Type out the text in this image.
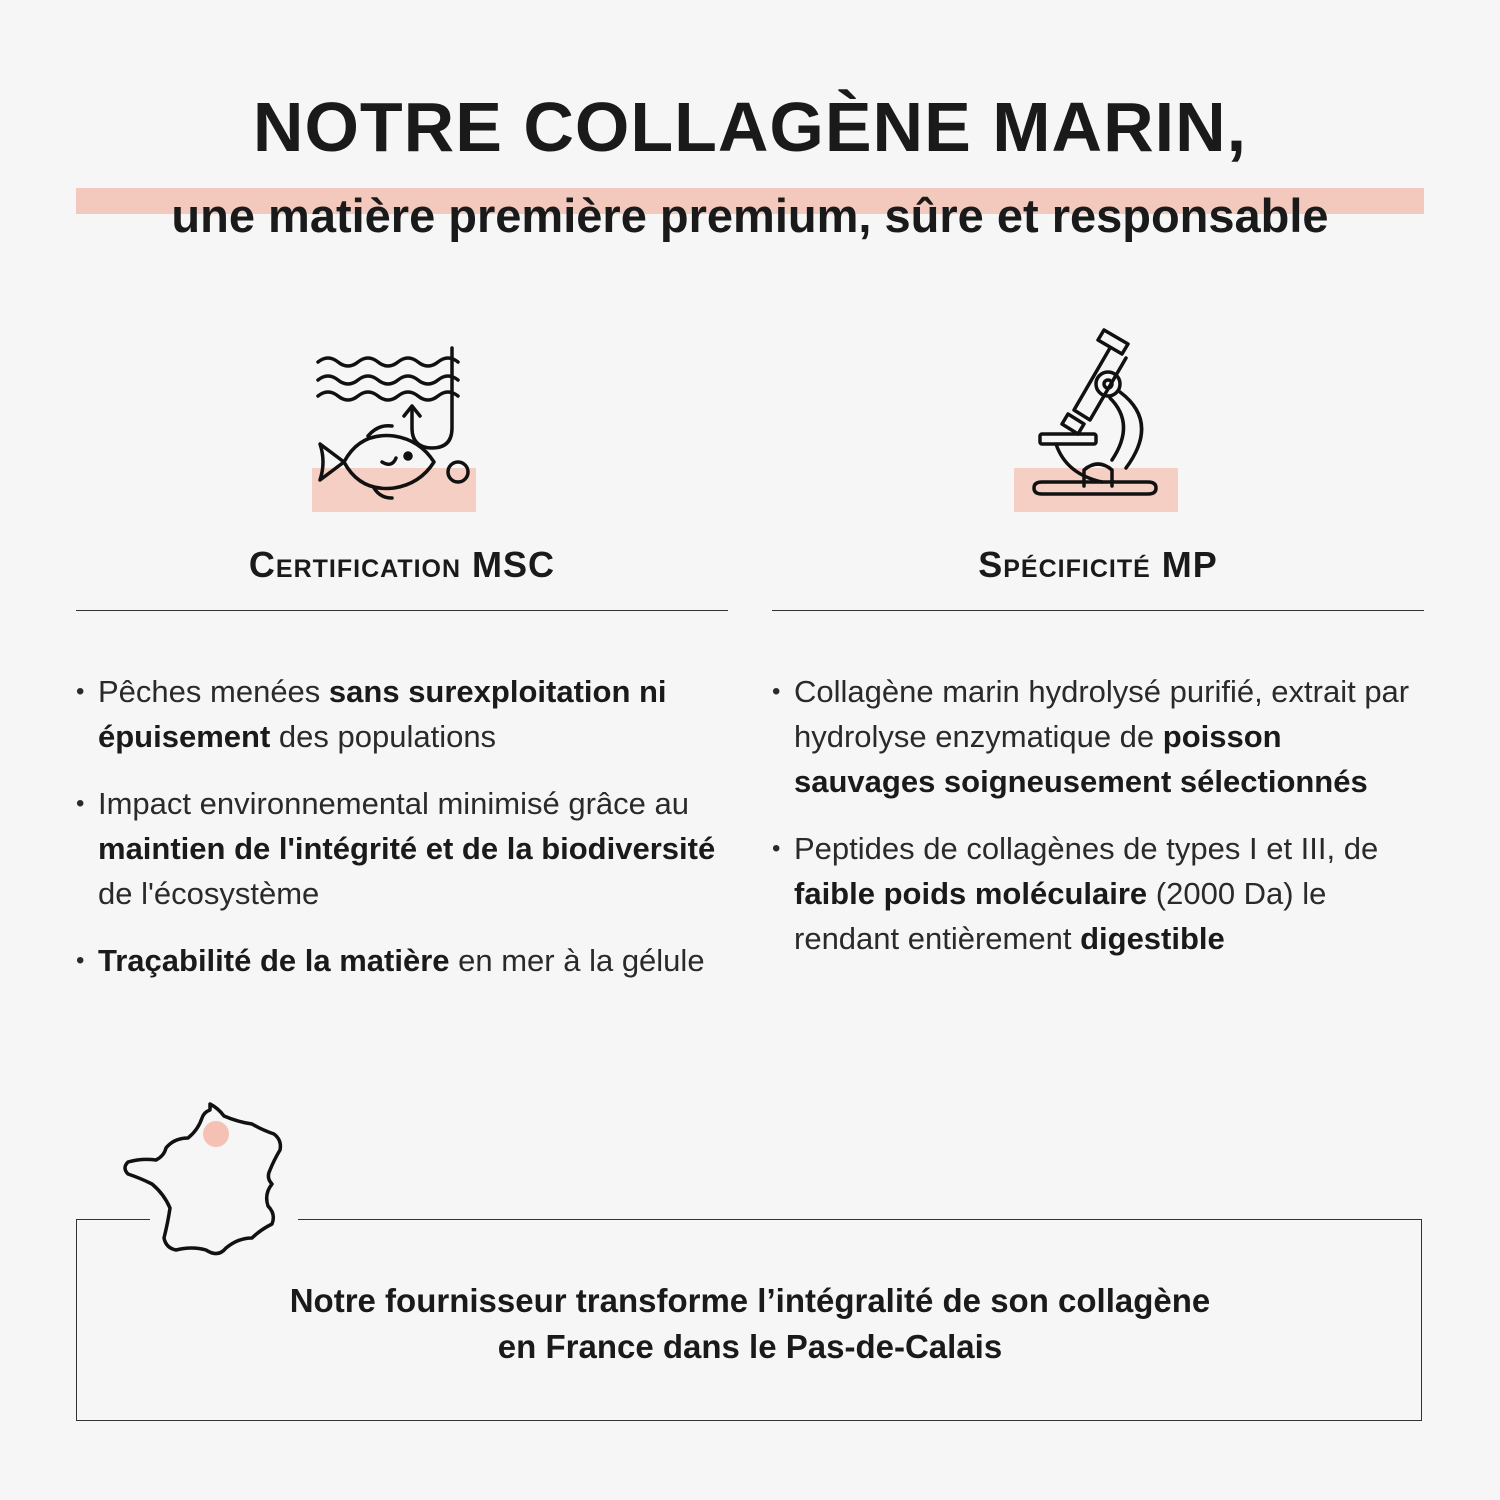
NOTRE COLLAGÈNE MARIN,
une matière première premium, sûre et responsable
Certification MSC
• Pêches menées sans surexploitation ni épuisement des populations
• Impact environnemental minimisé grâce au maintien de l'intégrité et de la biodiversité de l'écosystème
• Traçabilité de la matière en mer à la gélule
Spécificité MP
• Collagène marin hydrolysé purifié, extrait par hydrolyse enzymatique de poisson sauvages soigneusement sélectionnés
• Peptides de collagènes de types I et III, de faible poids moléculaire (2000 Da) le rendant entièrement digestible

Notre fournisseur transforme l’intégralité de son collagène
en France dans le Pas-de-Calais
